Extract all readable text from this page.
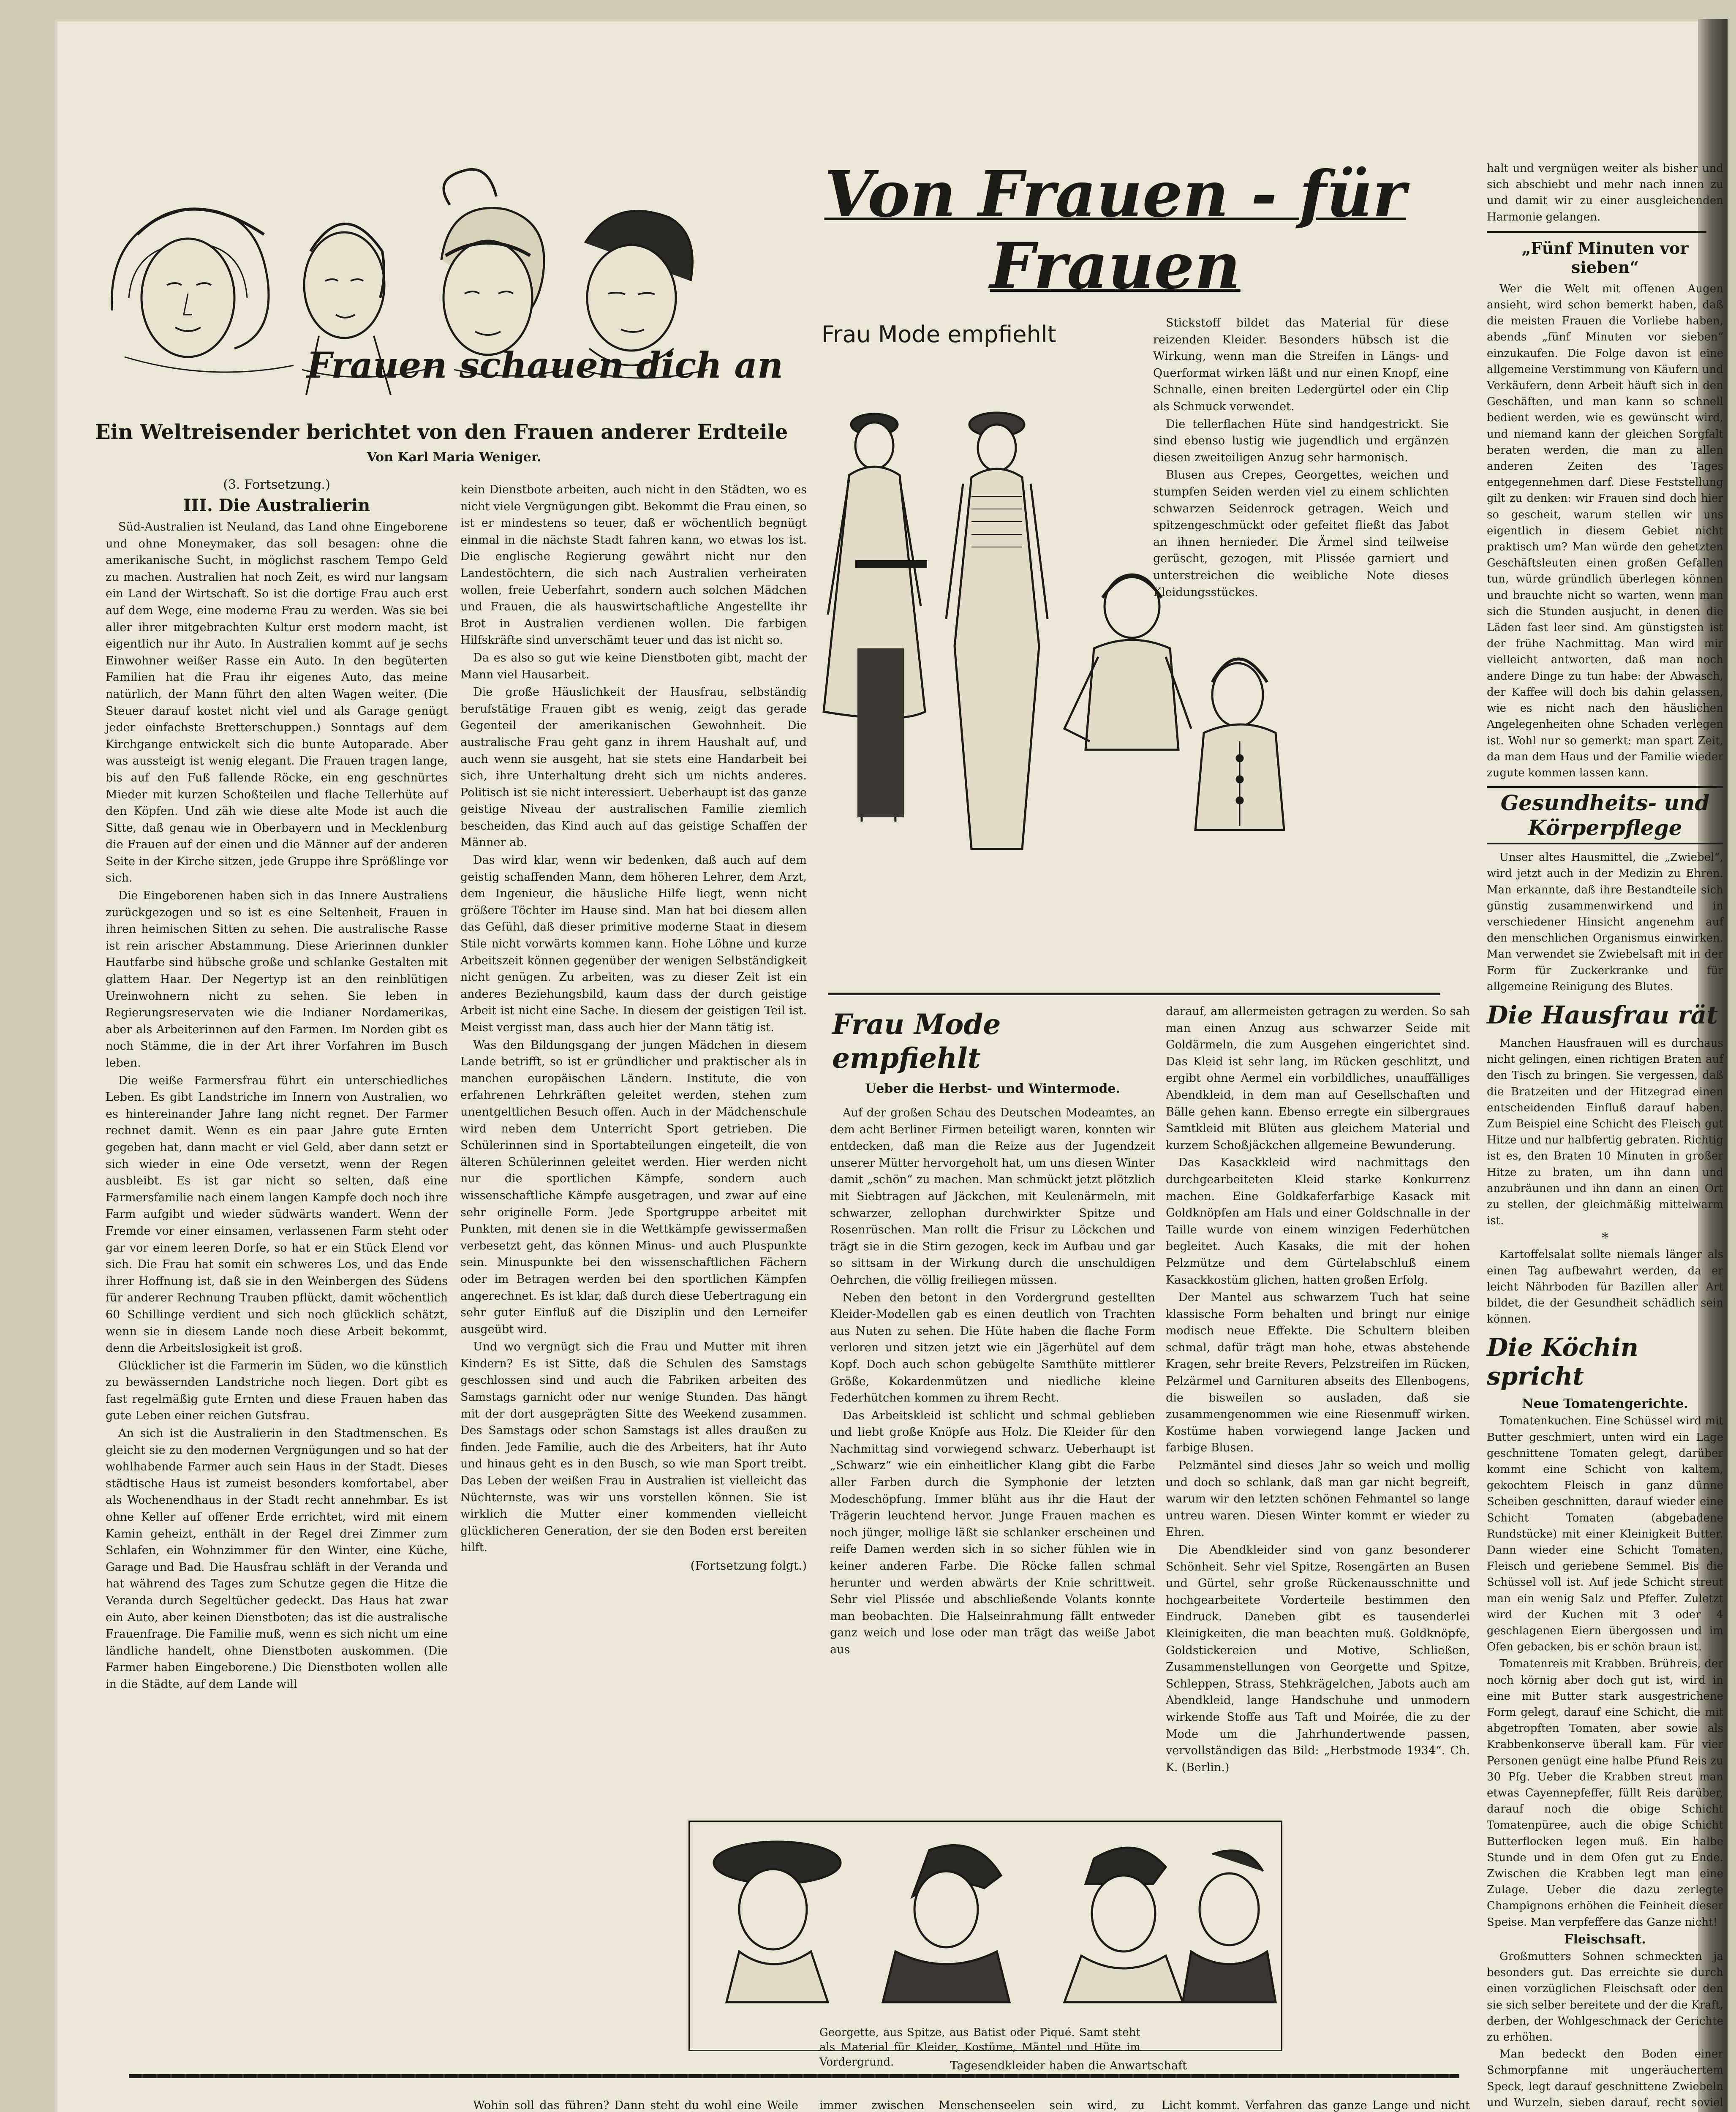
Frauen schauen dich an
Ein Weltreisender berichtet von den Frauen anderer Erdteile
Von Karl Maria Weniger.
(3. Fortsetzung.)
III. Die Australierin

Süd-Australien ist Neuland, das Land ohne Eingeborene und ohne Moneymaker, das soll besagen: ohne die amerikanische Sucht, in möglichst raschem Tempo Geld zu machen. Australien hat noch Zeit, es wird nur langsam ein Land der Wirtschaft. So ist die dortige Frau auch erst auf dem Wege, eine moderne Frau zu werden. Was sie bei aller ihrer mitgebrachten Kultur erst modern macht, ist eigentlich nur ihr Auto. In Australien kommt auf je sechs Einwohner weißer Rasse ein Auto. In den begüterten Familien hat die Frau ihr eigenes Auto, das meine natürlich, der Mann führt den alten Wagen weiter. (Die Steuer darauf kostet nicht viel und als Garage genügt jeder einfachste Bretterschuppen.) Sonntags auf dem Kirchgange entwickelt sich die bunte Autoparade. Aber was aussteigt ist wenig elegant. Die Frauen tragen lange, bis auf den Fuß fallende Röcke, ein eng geschnürtes Mieder mit kurzen Schoßteilen und flache Tellerhüte auf den Köpfen. Und zäh wie diese alte Mode ist auch die Sitte, daß genau wie in Oberbayern und in Mecklenburg die Frauen auf der einen und die Männer auf der anderen Seite in der Kirche sitzen, jede Gruppe ihre Sprößlinge vor sich.

Die Eingeborenen haben sich in das Innere Australiens zurückgezogen und so ist es eine Seltenheit, Frauen in ihren heimischen Sitten zu sehen. Die australische Rasse ist rein arischer Abstammung. Diese Arierinnen dunkler Hautfarbe sind hübsche große und schlanke Gestalten mit glattem Haar. Der Negertyp ist an den reinblütigen Ureinwohnern nicht zu sehen. Sie leben in Regierungsreservaten wie die Indianer Nordamerikas, aber als Arbeiterinnen auf den Farmen. Im Norden gibt es noch Stämme, die in der Art ihrer Vorfahren im Busch leben.

Die weiße Farmersfrau führt ein unterschiedliches Leben. Es gibt Landstriche im Innern von Australien, wo es hintereinander Jahre lang nicht regnet. Der Farmer rechnet damit. Wenn es ein paar Jahre gute Ernten gegeben hat, dann macht er viel Geld, aber dann setzt er sich wieder in eine Ode versetzt, wenn der Regen ausbleibt. Es ist gar nicht so selten, daß eine Farmersfamilie nach einem langen Kampfe doch noch ihre Farm aufgibt und wieder südwärts wandert. Wenn der Fremde vor einer einsamen, verlassenen Farm steht oder gar vor einem leeren Dorfe, so hat er ein Stück Elend vor sich. Die Frau hat somit ein schweres Los, und das Ende ihrer Hoffnung ist, daß sie in den Weinbergen des Südens für anderer Rechnung Trauben pflückt, damit wöchentlich 60 Schillinge verdient und sich noch glücklich schätzt, wenn sie in diesem Lande noch diese Arbeit bekommt, denn die Arbeitslosigkeit ist groß.

Glücklicher ist die Farmerin im Süden, wo die künstlich zu bewässernden Landstriche noch liegen. Dort gibt es fast regelmäßig gute Ernten und diese Frauen haben das gute Leben einer reichen Gutsfrau.

An sich ist die Australierin in den Stadtmenschen. Es gleicht sie zu den modernen Vergnügungen und so hat der wohlhabende Farmer auch sein Haus in der Stadt. Dieses städtische Haus ist zumeist besonders komfortabel, aber als Wochenendhaus in der Stadt recht annehmbar. Es ist ohne Keller auf offener Erde errichtet, wird mit einem Kamin geheizt, enthält in der Regel drei Zimmer zum Schlafen, ein Wohnzimmer für den Winter, eine Küche, Garage und Bad. Die Hausfrau schläft in der Veranda und hat während des Tages zum Schutze gegen die Hitze die Veranda durch Segeltücher gedeckt. Das Haus hat zwar ein Auto, aber keinen Dienstboten; das ist die australische Frauenfrage. Die Familie muß, wenn es sich nicht um eine ländliche handelt, ohne Dienstboten auskommen. (Die Farmer haben Eingeborene.) Die Dienstboten wollen alle in die Städte, auf dem Lande will

kein Dienstbote arbeiten, auch nicht in den Städten, wo es nicht viele Vergnügungen gibt. Bekommt die Frau einen, so ist er mindestens so teuer, daß er wöchentlich begnügt einmal in die nächste Stadt fahren kann, wo etwas los ist. Die englische Regierung gewährt nicht nur den Landestöchtern, die sich nach Australien verheiraten wollen, freie Ueberfahrt, sondern auch solchen Mädchen und Frauen, die als hauswirtschaftliche Angestellte ihr Brot in Australien verdienen wollen. Die farbigen Hilfskräfte sind unverschämt teuer und das ist nicht so.

Da es also so gut wie keine Dienstboten gibt, macht der Mann viel Hausarbeit.

Die große Häuslichkeit der Hausfrau, selbständig berufstätige Frauen gibt es wenig, zeigt das gerade Gegenteil der amerikanischen Gewohnheit. Die australische Frau geht ganz in ihrem Haushalt auf, und auch wenn sie ausgeht, hat sie stets eine Handarbeit bei sich, ihre Unterhaltung dreht sich um nichts anderes. Politisch ist sie nicht interessiert. Ueberhaupt ist das ganze geistige Niveau der australischen Familie ziemlich bescheiden, das Kind auch auf das geistige Schaffen der Männer ab.

Das wird klar, wenn wir bedenken, daß auch auf dem geistig schaffenden Mann, dem höheren Lehrer, dem Arzt, dem Ingenieur, die häusliche Hilfe liegt, wenn nicht größere Töchter im Hause sind. Man hat bei diesem allen das Gefühl, daß dieser primitive moderne Staat in diesem Stile nicht vorwärts kommen kann. Hohe Löhne und kurze Arbeitszeit können gegenüber der wenigen Selbständigkeit nicht genügen. Zu arbeiten, was zu dieser Zeit ist ein anderes Beziehungsbild, kaum dass der durch geistige Arbeit ist nicht eine Sache. In diesem der geistigen Teil ist. Meist vergisst man, dass auch hier der Mann tätig ist.

Was den Bildungsgang der jungen Mädchen in diesem Lande betrifft, so ist er gründlicher und praktischer als in manchen europäischen Ländern. Institute, die von erfahrenen Lehrkräften geleitet werden, stehen zum unentgeltlichen Besuch offen. Auch in der Mädchenschule wird neben dem Unterricht Sport getrieben. Die Schülerinnen sind in Sportabteilungen eingeteilt, die von älteren Schülerinnen geleitet werden. Hier werden nicht nur die sportlichen Kämpfe, sondern auch wissenschaftliche Kämpfe ausgetragen, und zwar auf eine sehr originelle Form. Jede Sportgruppe arbeitet mit Punkten, mit denen sie in die Wettkämpfe gewissermaßen verbesetzt geht, das können Minus- und auch Pluspunkte sein. Minuspunkte bei den wissenschaftlichen Fächern oder im Betragen werden bei den sportlichen Kämpfen angerechnet. Es ist klar, daß durch diese Uebertragung ein sehr guter Einfluß auf die Disziplin und den Lerneifer ausgeübt wird.

Und wo vergnügt sich die Frau und Mutter mit ihren Kindern? Es ist Sitte, daß die Schulen des Samstags geschlossen sind und auch die Fabriken arbeiten des Samstags garnicht oder nur wenige Stunden. Das hängt mit der dort ausgeprägten Sitte des Weekend zusammen. Des Samstags oder schon Samstags ist alles draußen zu finden. Jede Familie, auch die des Arbeiters, hat ihr Auto und hinaus geht es in den Busch, so wie man Sport treibt. Das Leben der weißen Frau in Australien ist vielleicht das Nüchternste, was wir uns vorstellen können. Sie ist wirklich die Mutter einer kommenden vielleicht glücklicheren Generation, der sie den Boden erst bereiten hilft.

(Fortsetzung folgt.)
Von Frauen - für Frauen
Frau Mode empfiehlt	Stickstoff bildet das Material für diese reizenden Kleider. Besonders hübsch ist die Wirkung, wenn man die Streifen in Längs- und Querformat wirken läßt und nur einen Knopf, eine Schnalle, einen breiten Ledergürtel oder ein Clip als Schmuck verwendet.

Die tellerflachen Hüte sind handgestrickt. Sie sind ebenso lustig wie jugendlich und ergänzen diesen zweiteiligen Anzug sehr harmonisch.

Blusen aus Crepes, Georgettes, weichen und stumpfen Seiden werden viel zu einem schlichten schwarzen Seidenrock getragen. Weich und spitzengeschmückt oder gefeitet fließt das Jabot an ihnen hernieder. Die Ärmel sind teilweise gerüscht, gezogen, mit Plissée garniert und unterstreichen die weibliche Note dieses Kleidungsstückes.

Frau Mode empfiehlt
Ueber die Herbst- und Wintermode.

Auf der großen Schau des Deutschen Modeamtes, an dem acht Berliner Firmen beteiligt waren, konnten wir entdecken, daß man die Reize aus der Jugendzeit unserer Mütter hervorgeholt hat, um uns diesen Winter damit „schön“ zu machen. Man schmückt jetzt plötzlich mit Siebtragen auf Jäckchen, mit Keulenärmeln, mit schwarzer, zellophan durchwirkter Spitze und Rosenrüschen. Man rollt die Frisur zu Löckchen und trägt sie in die Stirn gezogen, keck im Aufbau und gar so sittsam in der Wirkung durch die unschuldigen Oehrchen, die völlig freiliegen müssen.

Neben den betont in den Vordergrund gestellten Kleider-Modellen gab es einen deutlich von Trachten aus Nuten zu sehen. Die Hüte haben die flache Form verloren und sitzen jetzt wie ein Jägerhütel auf dem Kopf. Doch auch schon gebügelte Samthüte mittlerer Größe, Kokardenmützen und niedliche kleine Federhütchen kommen zu ihrem Recht.

Das Arbeitskleid ist schlicht und schmal geblieben und liebt große Knöpfe aus Holz. Die Kleider für den Nachmittag sind vorwiegend schwarz. Ueberhaupt ist „Schwarz“ wie ein einheitlicher Klang gibt die Farbe aller Farben durch die Symphonie der letzten Modeschöpfung. Immer blüht aus ihr die Haut der Trägerin leuchtend hervor. Junge Frauen machen es noch jünger, mollige läßt sie schlanker erscheinen und reife Damen werden sich in so sicher fühlen wie in keiner anderen Farbe. Die Röcke fallen schmal herunter und werden abwärts der Knie schrittweit. Sehr viel Plissée und abschließende Volants konnte man beobachten. Die Halseinrahmung fällt entweder ganz weich und lose oder man trägt das weiße Jabot aus

darauf, am allermeisten getragen zu werden. So sah man einen Anzug aus schwarzer Seide mit Goldärmeln, die zum Ausgehen eingerichtet sind. Das Kleid ist sehr lang, im Rücken geschlitzt, und ergibt ohne Aermel ein vorbildliches, unauffälliges Abendkleid, in dem man auf Gesellschaften und Bälle gehen kann. Ebenso erregte ein silbergraues Samtkleid mit Blüten aus gleichem Material und kurzem Schoßjäckchen allgemeine Bewunderung.

Das Kasackkleid wird nachmittags den durchgearbeiteten Kleid starke Konkurrenz machen. Eine Goldkaferfarbige Kasack mit Goldknöpfen am Hals und einer Goldschnalle in der Taille wurde von einem winzigen Federhütchen begleitet. Auch Kasaks, die mit der hohen Pelzmütze und dem Gürtelabschluß einem Kasackkostüm glichen, hatten großen Erfolg.

Der Mantel aus schwarzem Tuch hat seine klassische Form behalten und bringt nur einige modisch neue Effekte. Die Schultern bleiben schmal, dafür trägt man hohe, etwas abstehende Kragen, sehr breite Revers, Pelzstreifen im Rücken, Pelzärmel und Garnituren abseits des Ellenbogens, die bisweilen so ausladen, daß sie zusammengenommen wie eine Riesenmuff wirken. Kostüme haben vorwiegend lange Jacken und farbige Blusen.

Pelzmäntel sind dieses Jahr so weich und mollig und doch so schlank, daß man gar nicht begreift, warum wir den letzten schönen Fehmantel so lange untreu waren. Diesen Winter kommt er wieder zu Ehren.

Die Abendkleider sind von ganz besonderer Schönheit. Sehr viel Spitze, Rosengärten an Busen und Gürtel, sehr große Rückenausschnitte und hochgearbeitete Vorderteile bestimmen den Eindruck. Daneben gibt es tausenderlei Kleinigkeiten, die man beachten muß. Goldknöpfe, Goldstickereien und Motive, Schließen, Zusammenstellungen von Georgette und Spitze, Schleppen, Strass, Stehkrägelchen, Jabots auch am Abendkleid, lange Handschuhe und unmodern wirkende Stoffe aus Taft und Moirée, die zu der Mode um die Jahrhundertwende passen, vervollständigen das Bild: „Herbstmode 1934“. Ch. K. (Berlin.)

Georgette, aus Spitze, aus Batist oder Piqué. Samt steht als Material für Kleider, Kostüme, Mäntel und Hüte im Vordergrund.	Tagesendkleider haben die Anwartschaft

halt und vergnügen weiter als bisher und sich abschiebt und mehr nach innen zu und damit wir zu einer ausgleichenden Harmonie gelangen.

„Fünf Minuten vor sieben“

Wer die Welt mit offenen Augen ansieht, wird schon bemerkt haben, daß die meisten Frauen die Vorliebe haben, abends „fünf Minuten vor sieben“ einzukaufen. Die Folge davon ist eine allgemeine Verstimmung von Käufern und Verkäufern, denn Arbeit häuft sich in den Geschäften, und man kann so schnell bedient werden, wie es gewünscht wird, und niemand kann der gleichen Sorgfalt beraten werden, die man zu allen anderen Zeiten des Tages entgegennehmen darf. Diese Feststellung gilt zu denken: wir Frauen sind doch hier so gescheit, warum stellen wir uns eigentlich in diesem Gebiet nicht praktisch um? Man würde den gehetzten Geschäftsleuten einen großen Gefallen tun, würde gründlich überlegen können und brauchte nicht so warten, wenn man sich die Stunden ausjucht, in denen die Läden fast leer sind. Am günstigsten ist der frühe Nachmittag. Man wird mir vielleicht antworten, daß man noch andere Dinge zu tun habe: der Abwasch, der Kaffee will doch bis dahin gelassen, wie es nicht nach den häuslichen Angelegenheiten ohne Schaden verlegen ist. Wohl nur so gemerkt: man spart Zeit, da man dem Haus und der Familie wieder zugute kommen lassen kann.

Gesundheits- und Körperpflege

Unser altes Hausmittel, die „Zwiebel“, wird jetzt auch in der Medizin zu Ehren. Man erkannte, daß ihre Bestandteile sich günstig zusammenwirkend und in verschiedener Hinsicht angenehm auf den menschlichen Organismus einwirken. Man verwendet sie Zwiebelsaft mit in der Form für Zuckerkranke und für allgemeine Reinigung des Blutes.

Die Hausfrau rät

Manchen Hausfrauen will es durchaus nicht gelingen, einen richtigen Braten auf den Tisch zu bringen. Sie vergessen, daß die Bratzeiten und der Hitzegrad einen entscheidenden Einfluß darauf haben. Zum Beispiel eine Schicht des Fleisch gut Hitze und nur halbfertig gebraten. Richtig ist es, den Braten 10 Minuten in großer Hitze zu braten, um ihn dann und anzubräunen und ihn dann an einen Ort zu stellen, der gleichmäßig mittelwarm ist.

*

Kartoffelsalat sollte niemals länger als einen Tag aufbewahrt werden, da er leicht Nährboden für Bazillen aller Art bildet, die der Gesundheit schädlich sein können.

Die Köchin spricht
Neue Tomatengerichte.

Tomatenkuchen. Eine Schüssel wird mit Butter geschmiert, unten wird ein Lage geschnittene Tomaten gelegt, darüber kommt eine Schicht von kaltem, gekochtem Fleisch in ganz dünne Scheiben geschnitten, darauf wieder eine Schicht Tomaten (abgebadene Rundstücke) mit einer Kleinigkeit Butter. Dann wieder eine Schicht Tomaten, Fleisch und geriebene Semmel. Bis die Schüssel voll ist. Auf jede Schicht streut man ein wenig Salz und Pfeffer. Zuletzt wird der Kuchen mit 3 oder 4 geschlagenen Eiern übergossen und im Ofen gebacken, bis er schön braun ist.

Tomatenreis mit Krabben. Brühreis, der noch körnig aber doch gut ist, wird in eine mit Butter stark ausgestrichene Form gelegt, darauf eine Schicht, die mit abgetropften Tomaten, aber sowie als Krabbenkonserve überall kam. Für vier Personen genügt eine halbe Pfund Reis zu 30 Pfg. Ueber die Krabben streut man etwas Cayennepfeffer, füllt Reis darüber, darauf noch die obige Schicht Tomatenpüree, auch die obige Schicht Butterflocken legen muß. Ein halbe Stunde und in dem Ofen gut zu Ende. Zwischen die Krabben legt man eine Zulage. Ueber die dazu zerlegte Champignons erhöhen die Feinheit dieser Speise. Man verpfeffere das Ganze nicht!

Fleischsaft.

Großmutters Sohnen schmeckten ja besonders gut. Das erreichte sie durch einen vorzüglichen Fleischsaft oder den sie sich selber bereitete und der die Kraft, derben, der Wohlgeschmack der Gerichte zu erhöhen.

Man bedeckt den Boden einer Schmorpfanne mit ungeräuchertem Speck, legt darauf geschnittene Zwiebeln und Wurzeln, sieben darauf, recht soviel

Wohin soll das führen? Dann steht du wohl eine Weile immer zwischen Menschenseelen sein wird, zu Licht kommt. Verfahren das ganze Lange und nicht
